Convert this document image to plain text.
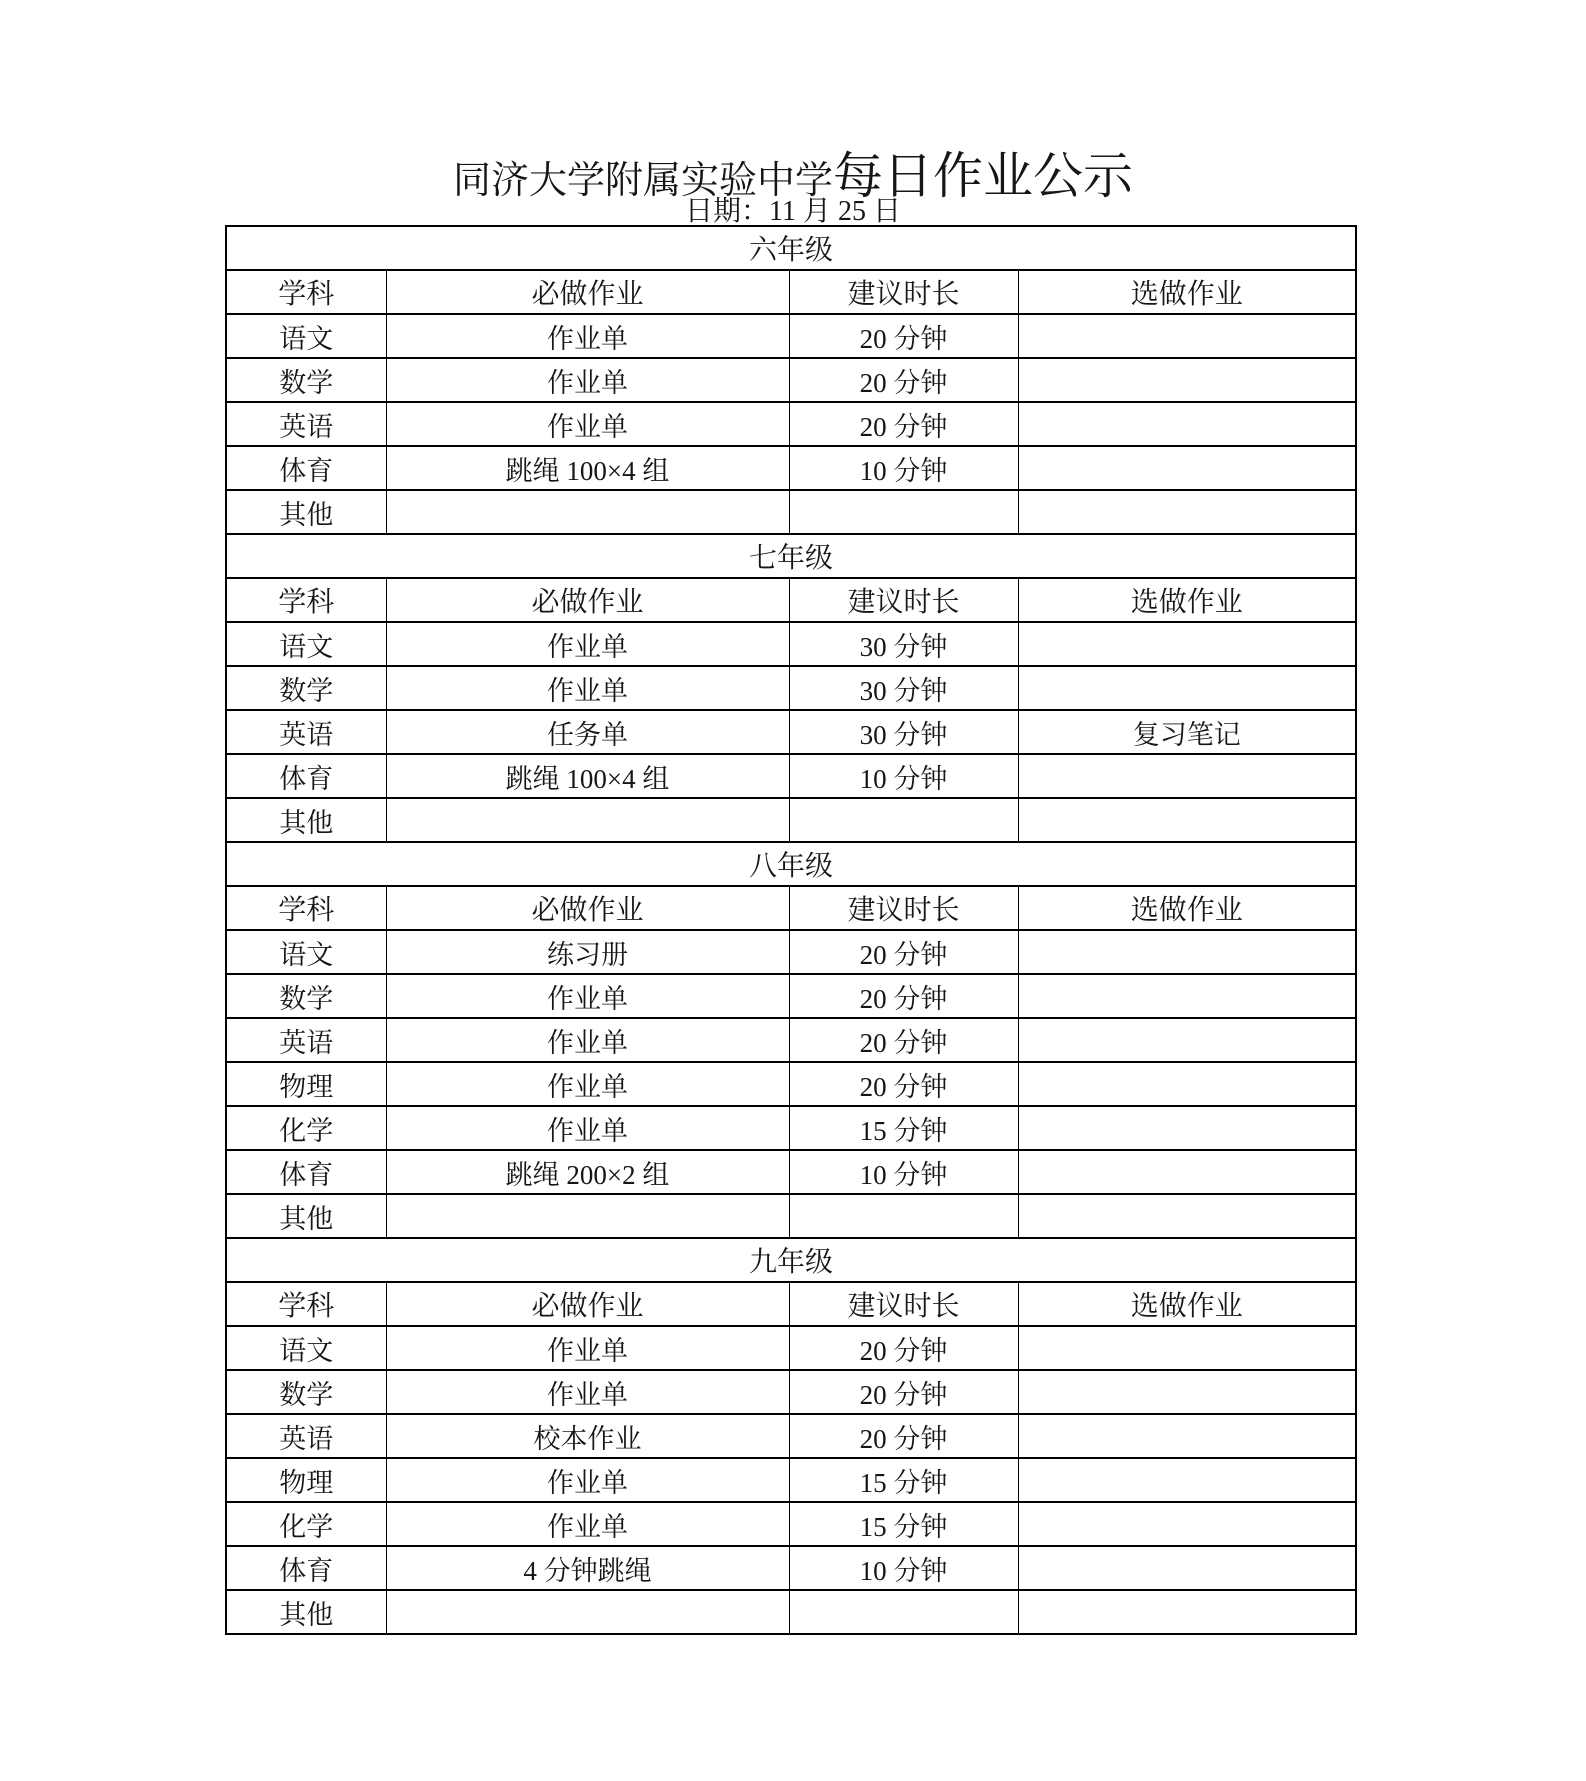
同济大学附属实验中学每日作业公示
日期：11 月 25 日
六年级			
学科	必做作业	建议时长	选做作业
语文	作业单	20 分钟	
数学	作业单	20 分钟	
英语	作业单	20 分钟	
体育	跳绳 100×4 组	10 分钟	
其他			
七年级			
学科	必做作业	建议时长	选做作业
语文	作业单	30 分钟	
数学	作业单	30 分钟	
英语	任务单	30 分钟	复习笔记
体育	跳绳 100×4 组	10 分钟	
其他			
八年级			
学科	必做作业	建议时长	选做作业
语文	练习册	20 分钟	
数学	作业单	20 分钟	
英语	作业单	20 分钟	
物理	作业单	20 分钟	
化学	作业单	15 分钟	
体育	跳绳 200×2 组	10 分钟	
其他			
九年级			
学科	必做作业	建议时长	选做作业
语文	作业单	20 分钟	
数学	作业单	20 分钟	
英语	校本作业	20 分钟	
物理	作业单	15 分钟	
化学	作业单	15 分钟	
体育	4 分钟跳绳	10 分钟	
其他			
